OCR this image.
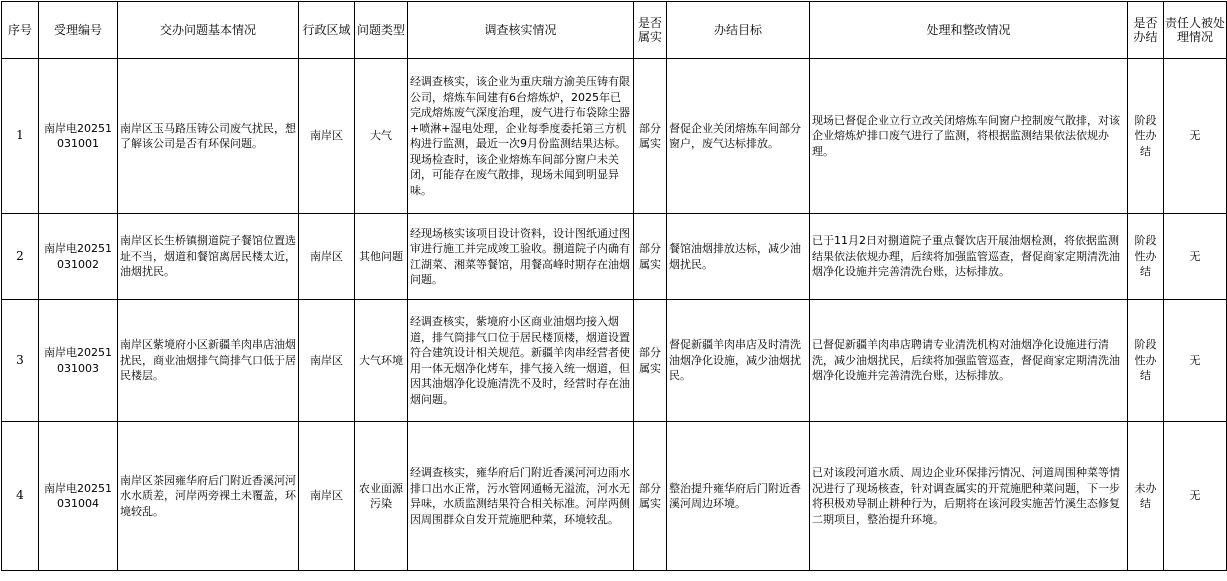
序号	受理编号	交办问题基本情况	行政区域	问题类型	调查核实情况	是否属实	办结目标	处理和整改情况	是否办结	责任人被处理情况
1	南岸电20251031001	南岸区玉马路压铸公司废气扰民，想了解该公司是否有环保问题。	南岸区	大气	经调查核实，该企业为重庆瑞方渝美压铸有限公司，熔炼车间建有6台熔炼炉，2025年已完成熔炼废气深度治理，废气进行布袋除尘器+喷淋+湿电处理，企业每季度委托第三方机构进行监测，最近一次9月份监测结果达标。现场检查时，该企业熔炼车间部分窗户未关闭，可能存在废气散排，现场未闻到明显异味。	部分属实	督促企业关闭熔炼车间部分窗户，废气达标排放。	现场已督促企业立行立改关闭熔炼车间窗户控制废气散排，对该企业熔炼炉排口废气进行了监测，将根据监测结果依法依规办理。	阶段性办结	无
2	南岸电20251031002	南岸区长生桥镇捌道院子餐馆位置选址不当，烟道和餐馆离居民楼太近，油烟扰民。	南岸区	其他问题	经现场核实该项目设计资料，设计图纸通过图审进行施工并完成竣工验收。捌道院子内确有江湖菜、湘菜等餐馆，用餐高峰时期存在油烟问题。	部分属实	餐馆油烟排放达标，减少油烟扰民。	已于11月2日对捌道院子重点餐饮店开展油烟检测，将依据监测结果依法依规办理，后续将加强监管巡查，督促商家定期清洗油烟净化设施并完善清洗台账，达标排放。	阶段性办结	无
3	南岸电20251031003	南岸区紫境府小区新疆羊肉串店油烟扰民，商业油烟排气筒排气口低于居民楼层。	南岸区	大气环境	经调查核实，紫境府小区商业油烟均接入烟道，排气筒排气口位于居民楼顶楼，烟道设置符合建筑设计相关规范。新疆羊肉串经营者使用一体无烟净化烤车，排气接入统一烟道，但因其油烟净化设施清洗不及时，经营时存在油烟问题。	部分属实	督促新疆羊肉串店及时清洗油烟净化设施，减少油烟扰民。	已督促新疆羊肉串店聘请专业清洗机构对油烟净化设施进行清洗，减少油烟扰民，后续将加强监管巡查，督促商家定期清洗油烟净化设施并完善清洗台账，达标排放。	阶段性办结	无
4	南岸电20251031004	南岸区茶园雍华府后门附近香溪河河水水质差，河岸两旁裸土未覆盖，环境较乱。	南岸区	农业面源污染	经调查核实，雍华府后门附近香溪河河边雨水排口出水正常，污水管网通畅无溢流，河水无异味，水质监测结果符合相关标准。河岸两侧因周围群众自发开荒施肥种菜，环境较乱。	部分属实	整治提升雍华府后门附近香溪河周边环境。	已对该段河道水质、周边企业环保排污情况、河道周围种菜等情况进行了现场核查，针对调查属实的开荒施肥种菜问题，下一步将积极劝导制止耕种行为，后期将在该河段实施苦竹溪生态修复二期项目，整治提升环境。	未办结	无
